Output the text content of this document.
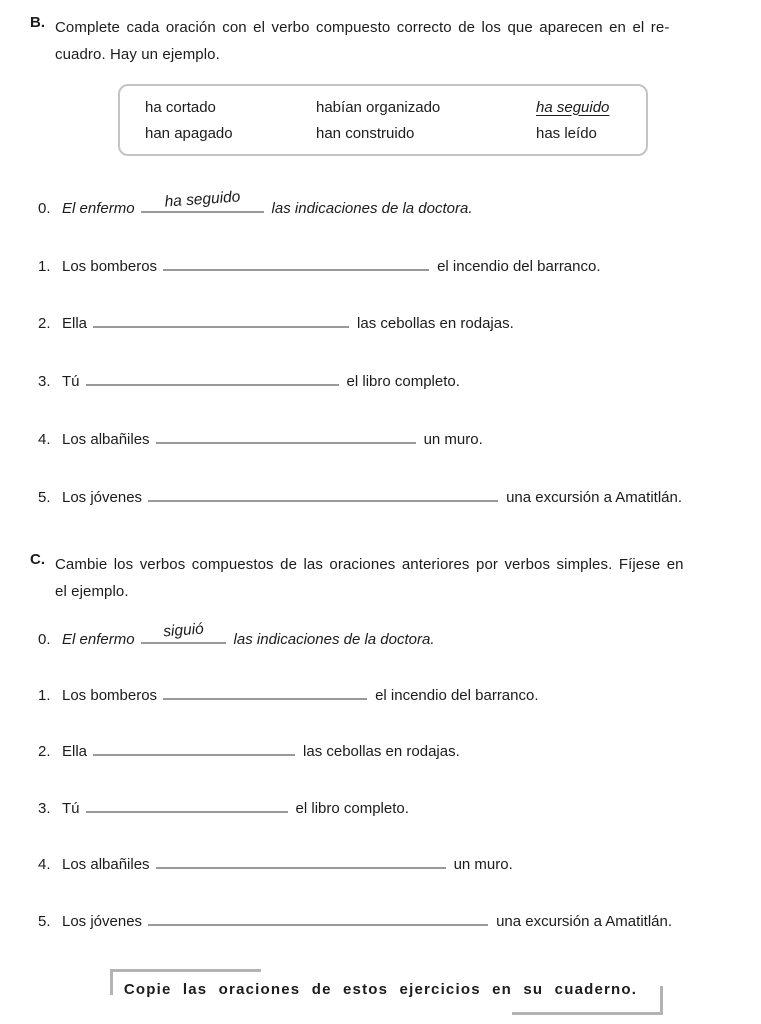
B. Complete cada oración con el verbo compuesto correcto de los que aparecen en el re-
cuadro. Hay un ejemplo.
ha cortado	habían organizado	ha seguido
han apagado	han construido	has leído
0. El enfermo	ha seguido	las indicaciones de la doctora.
1. Los bomberos	el incendio del barranco.
2. Ella	las cebollas en rodajas.
3. Tú	el libro completo.
4. Los albañiles	un muro.
5. Los jóvenes	una excursión a Amatitlán.
C. Cambie los verbos compuestos de las oraciones anteriores por verbos simples. Fíjese en
el ejemplo.
0. El enfermo	siguió	las indicaciones de la doctora.
1. Los bomberos	el incendio del barranco.
2. Ella	las cebollas en rodajas.
3. Tú	el libro completo.
4. Los albañiles	un muro.
5. Los jóvenes	una excursión a Amatitlán.
Copie las oraciones de estos ejercicios en su cuaderno.
